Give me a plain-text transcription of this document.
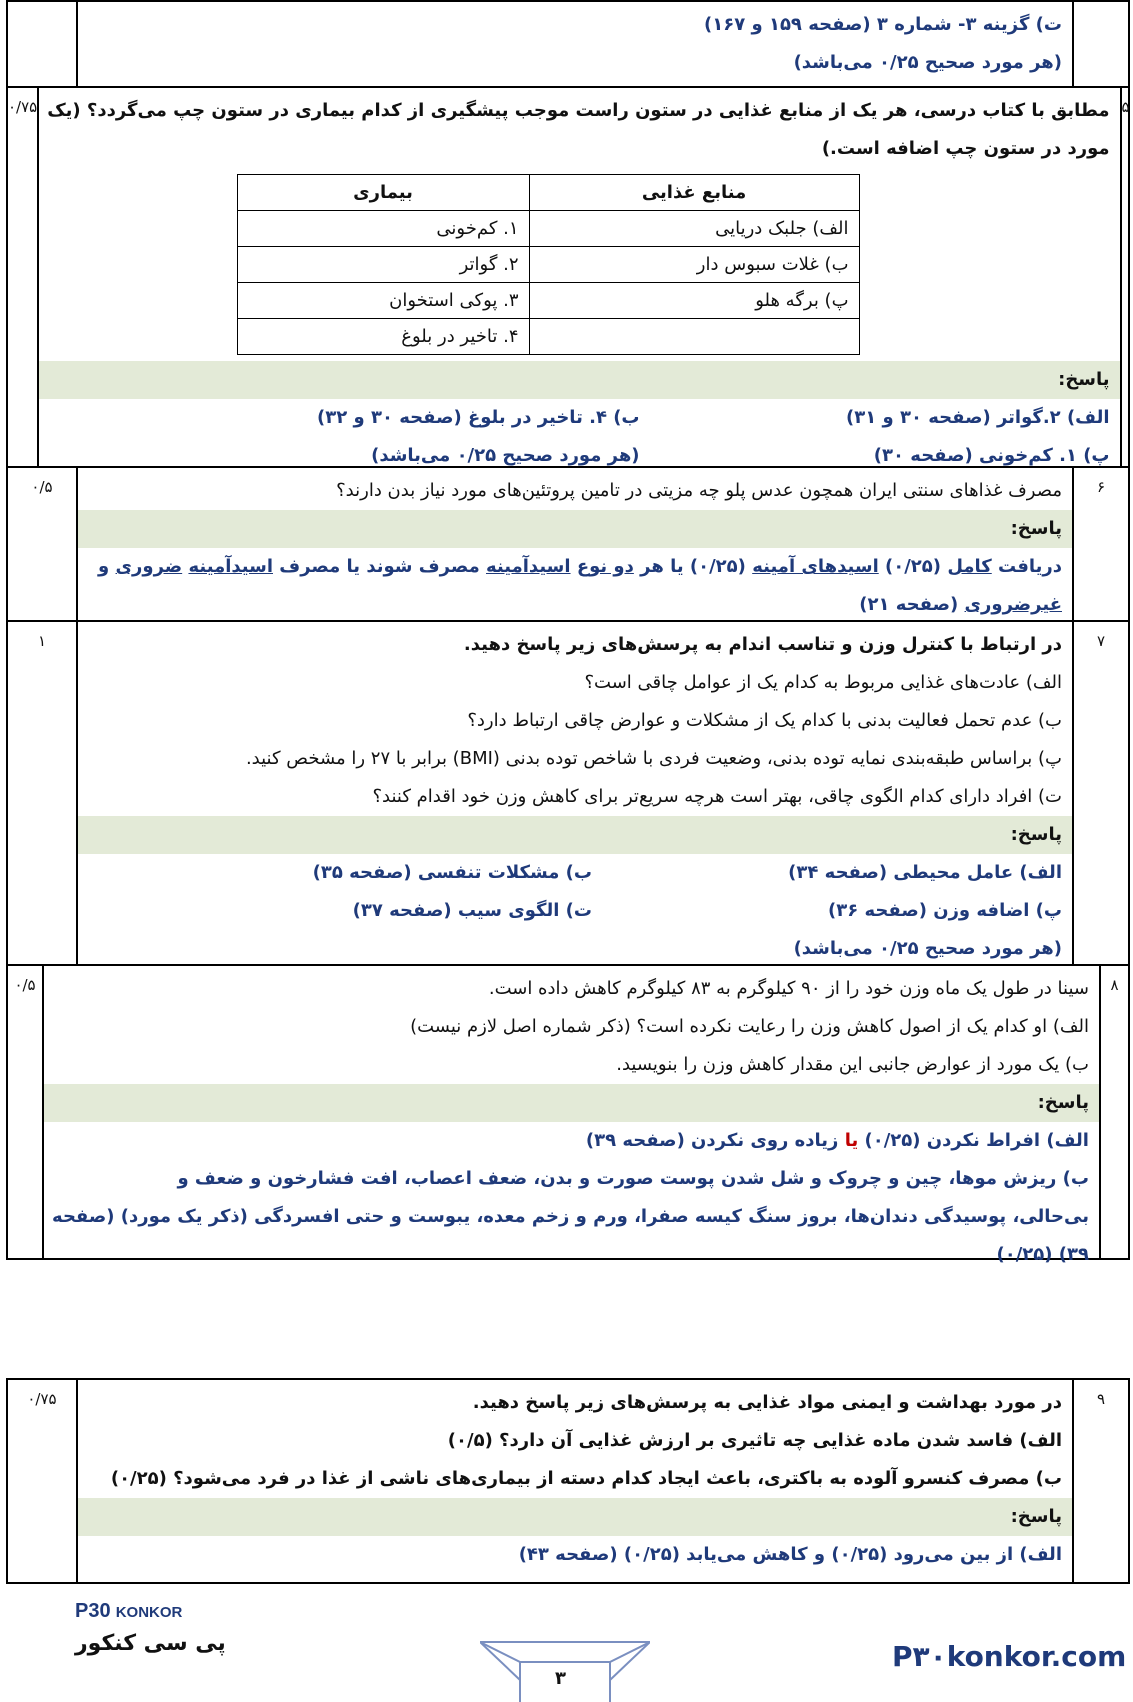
ت) گزینه ۳- شماره ۳ (صفحه ۱۵۹ و ۱۶۷)
(هر مورد صحیح ۰/۲۵ می‌باشد)
۰/۷۵ مطابق با کتاب درسی، هر یک از منابع غذایی در ستون راست موجب پیشگیری از کدام بیماری در ستون چپ می‌گردد؟ (یک
مورد در ستون چپ اضافه است.)
منابع غذایی	بیماری
الف) جلبک دریایی	۱. کم‌خونی
ب) غلات سبوس دار	۲. گواتر
پ) برگه هلو	۳. پوکی استخوان
	۴. تاخیر در بلوغ
پاسخ:
الف) ۲.گواتر (صفحه ۳۰ و ۳۱)
ب) ۴. تاخیر در بلوغ (صفحه ۳۰ و ۳۲)
پ) ۱. کم‌خونی (صفحه ۳۰)
(هر مورد صحیح ۰/۲۵ می‌باشد)
۵
۰/۵	مصرف غذاهای سنتی ایران همچون عدس پلو چه مزیتی در تامین پروتئین‌های مورد نیاز بدن دارند؟
پاسخ:
دریافت کامل (۰/۲۵) اسیدهای آمینه (۰/۲۵) یا هر دو نوع اسیدآمینه مصرف شوند یا مصرف اسیدآمینه ضروری و
غیرضروری (صفحه ۲۱)
۶
۱	در ارتباط با کنترل وزن و تناسب اندام به پرسش‌های زیر پاسخ دهید.
الف) عادت‌های غذایی مربوط به کدام یک از عوامل چاقی است؟
ب) عدم تحمل فعالیت بدنی با کدام یک از مشکلات و عوارض چاقی ارتباط دارد؟
پ) براساس طبقه‌بندی نمایه توده بدنی، وضعیت فردی با شاخص توده بدنی (BMI) برابر با ۲۷ را مشخص کنید.
ت) افراد دارای کدام الگوی چاقی، بهتر است هرچه سریع‌تر برای کاهش وزن خود اقدام کنند؟
پاسخ:
الف) عامل محیطی (صفحه ۳۴)
ب) مشکلات تنفسی (صفحه ۳۵)
پ) اضافه وزن (صفحه ۳۶)
ت) الگوی سیب (صفحه ۳۷)
(هر مورد صحیح ۰/۲۵ می‌باشد)
۷
۰/۵	سینا در طول یک ماه وزن خود را از ۹۰ کیلوگرم به ۸۳ کیلوگرم کاهش داده است.
الف) او کدام یک از اصول کاهش وزن را رعایت نکرده است؟ (ذکر شماره اصل لازم نیست)
ب) یک مورد از عوارض جانبی این مقدار کاهش وزن را بنویسید.
پاسخ:
الف) افراط نکردن (۰/۲۵) یا زیاده روی نکردن (صفحه ۳۹)
ب) ریزش موها، چین و چروک و شل شدن پوست صورت و بدن، ضعف اعصاب، افت فشارخون و ضعف و
بی‌حالی، پوسیدگی دندان‌ها، بروز سنگ کیسه صفرا، ورم و زخم معده، یبوست و حتی افسردگی (ذکر یک مورد) (صفحه
۳۹) (۰/۲۵)
۸
۰/۷۵	در مورد بهداشت و ایمنی مواد غذایی به پرسش‌های زیر پاسخ دهید.
الف) فاسد شدن ماده غذایی چه تاثیری بر ارزش غذایی آن دارد؟ (۰/۵)
ب) مصرف کنسرو آلوده به باکتری، باعث ایجاد کدام دسته از بیماری‌های ناشی از غذا در فرد می‌شود؟ (۰/۲۵)
پاسخ:
الف) از بین می‌رود (۰/۲۵) و کاهش می‌یابد (۰/۲۵) (صفحه ۴۳)
۹
P30 KONKOR
پی سی کنکور
۳
P۳۰konkor.com
